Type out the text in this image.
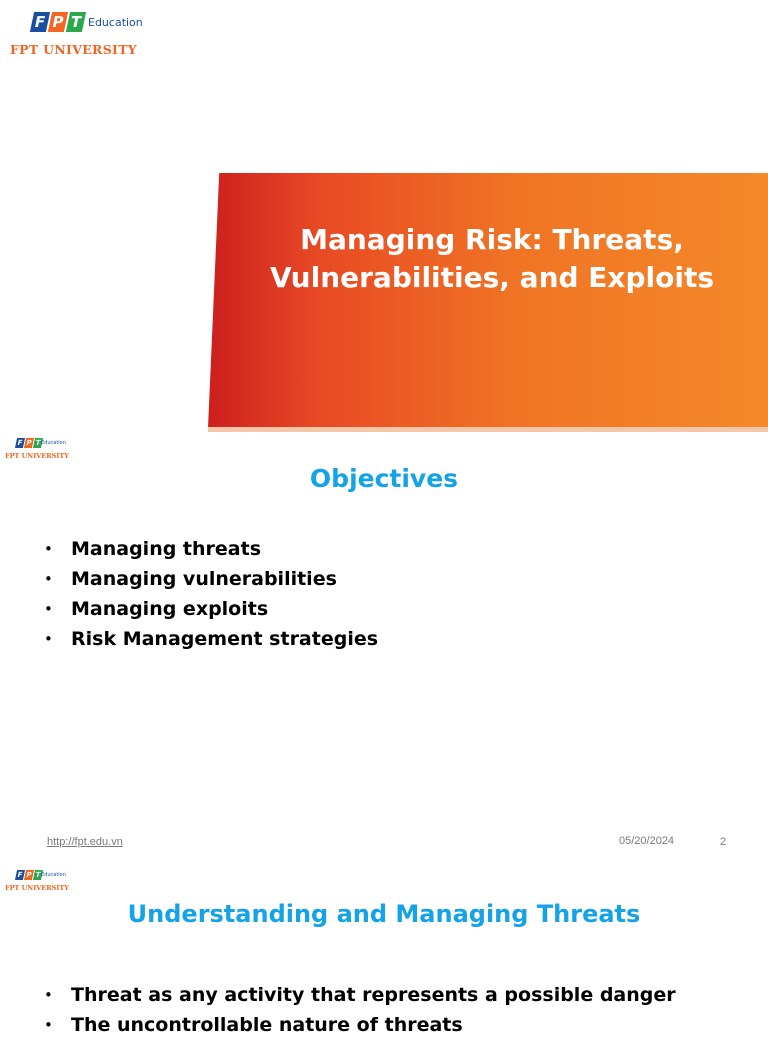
F P T Education
FPT UNIVERSITY
Managing Risk: Threats, Vulnerabilities, and Exploits
F P T Education
FPT UNIVERSITY
Objectives
• Managing threats
• Managing vulnerabilities
• Managing exploits
• Risk Management strategies
http://fpt.edu.vn	05/20/2024	2
F P T Education
FPT UNIVERSITY
Understanding and Managing Threats
• Threat as any activity that represents a possible danger
• The uncontrollable nature of threats
